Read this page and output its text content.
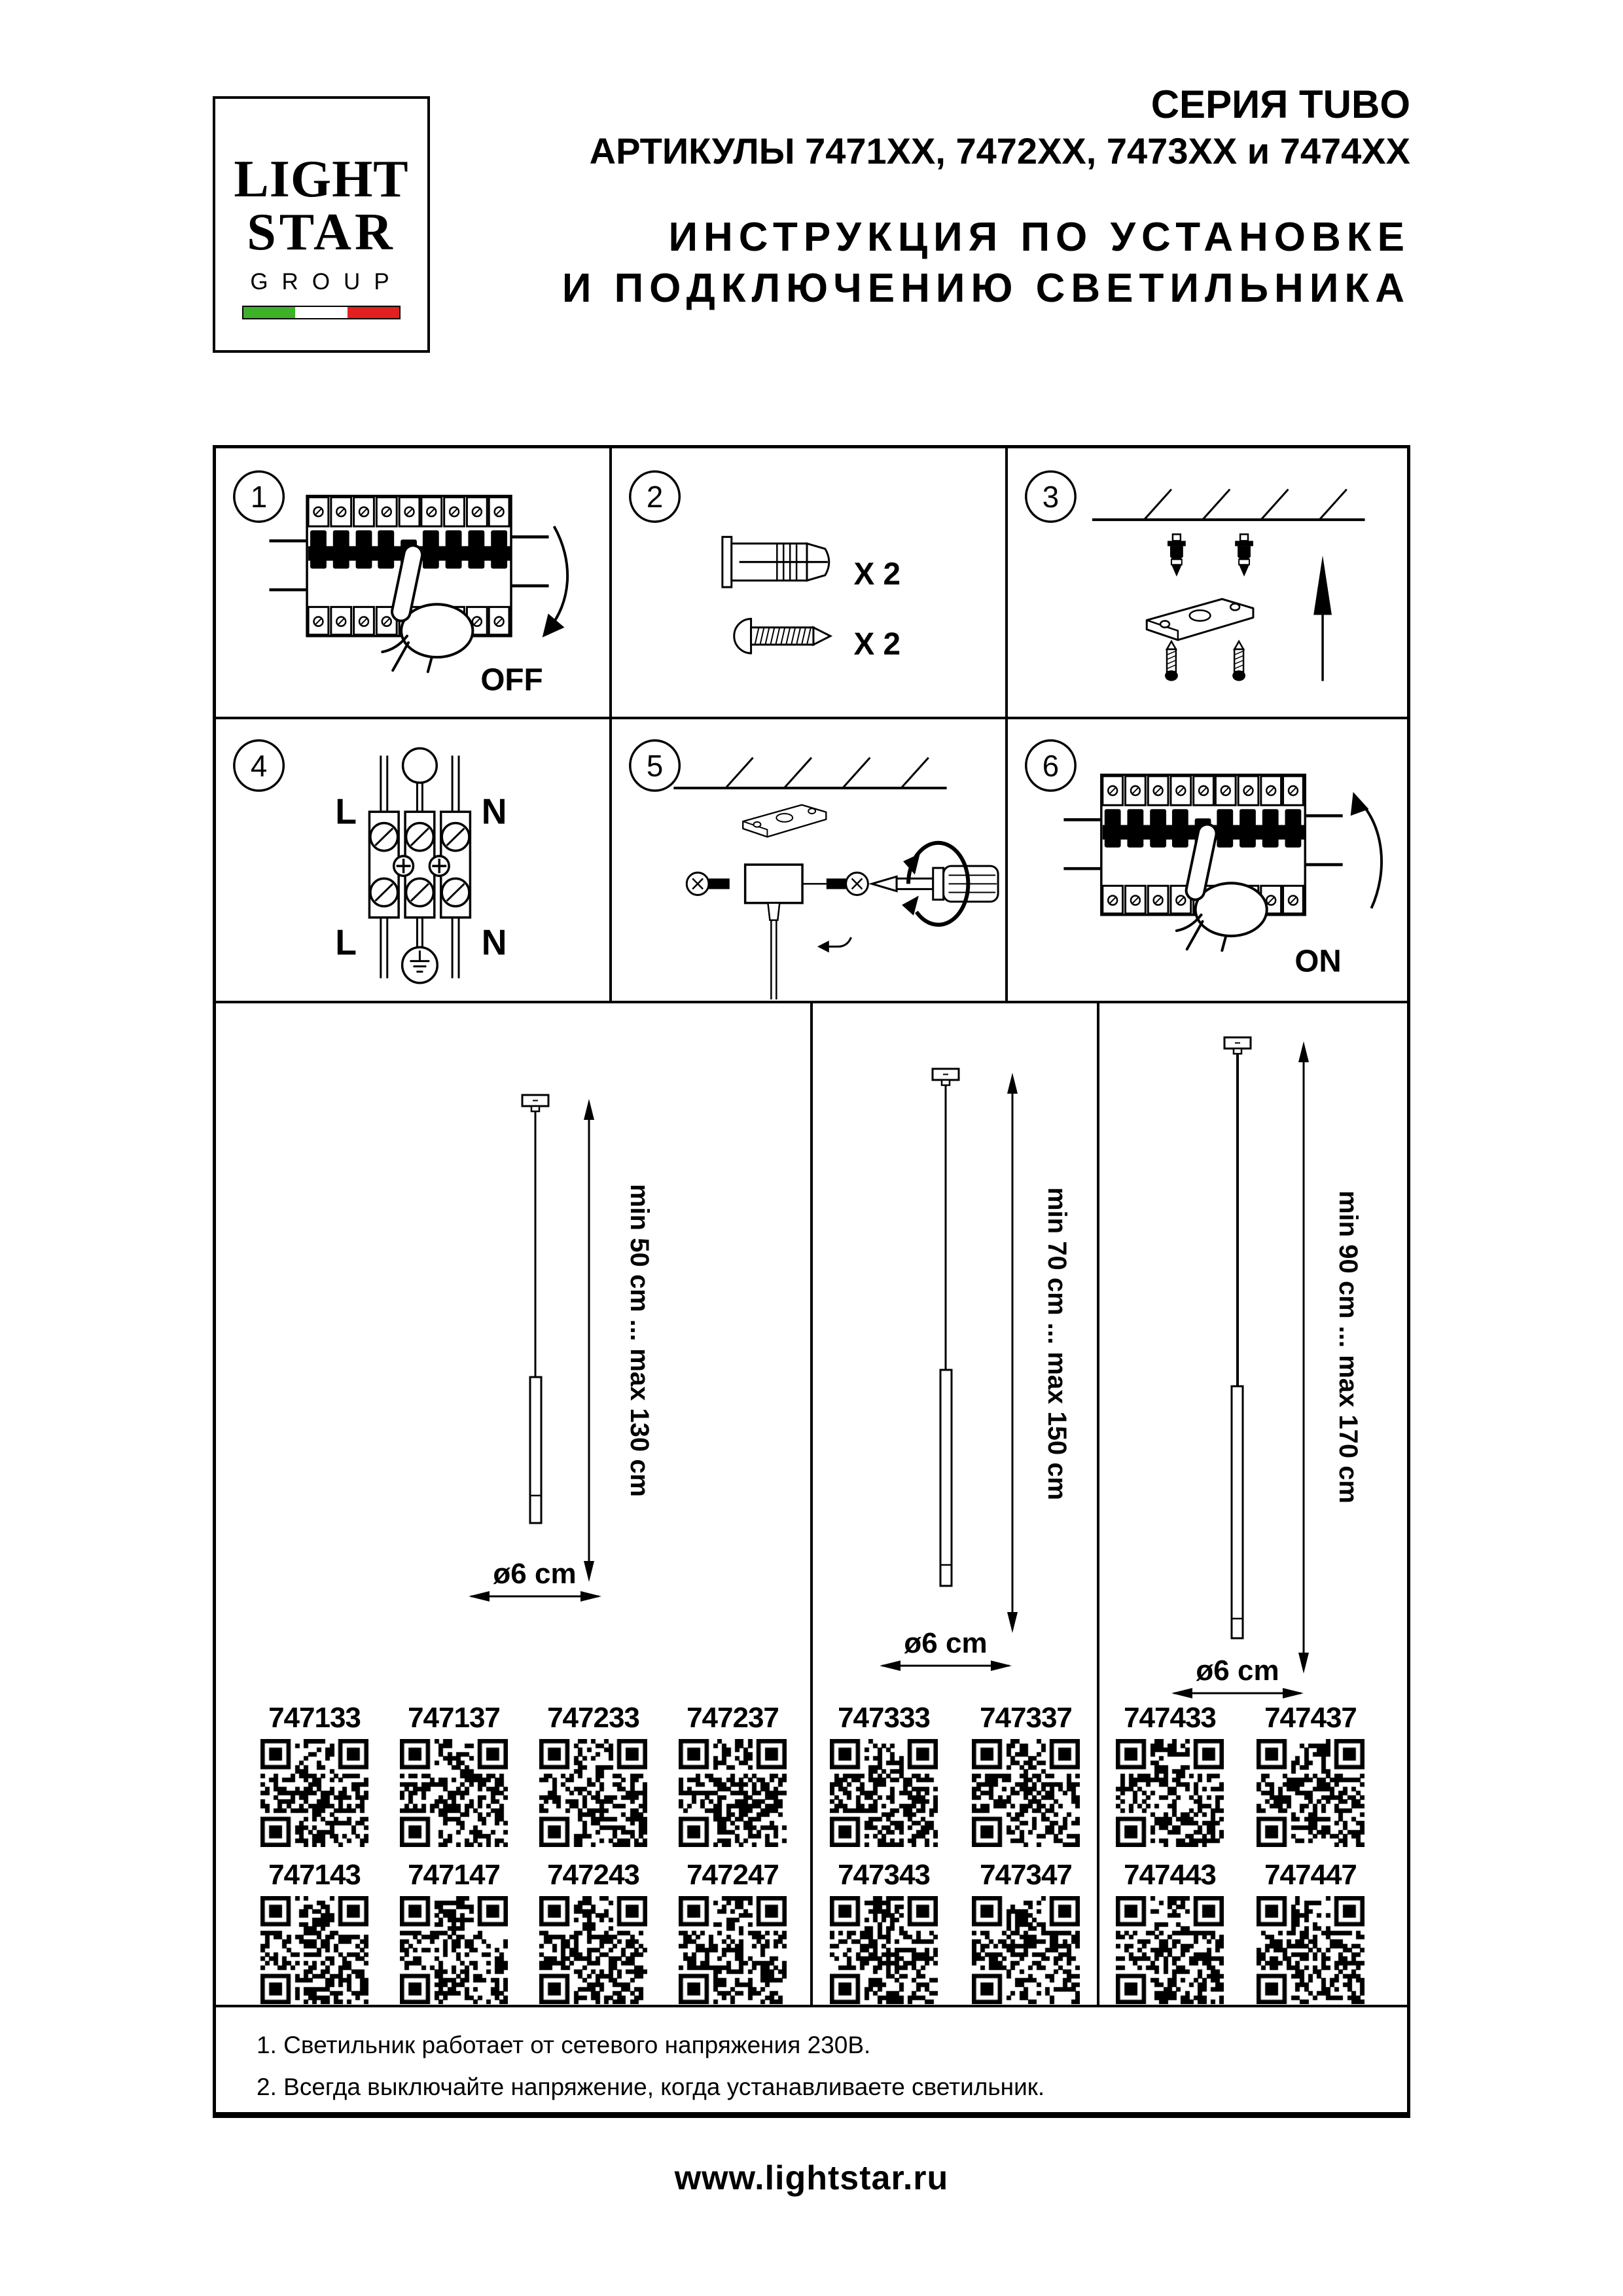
LIGHT
STAR
GROUP
СЕРИЯ TUBO
АРТИКУЛЫ 7471XX, 7472XX, 7473XX и 7474XX
ИНСТРУКЦИЯ ПО УСТАНОВКЕ
И ПОДКЛЮЧЕНИЮ СВЕТИЛЬНИКА
1
OFF
2
X 2
X 2
3
4
L	N
L	N
5	6
ON
min 50 cm ... max 130 cm
ø6 cm
747133 747137 747233 747237
747143 747147 747243 747247
min 70 cm ... max 150 cm
ø6 cm
747333 747337
747343 747347
min 90 cm ... max 170 cm
ø6 cm
747433 747437
747443 747447
1. Светильник работает от сетевого напряжения 230В.
2. Всегда выключайте напряжение, когда устанавливаете светильник.
www.lightstar.ru
